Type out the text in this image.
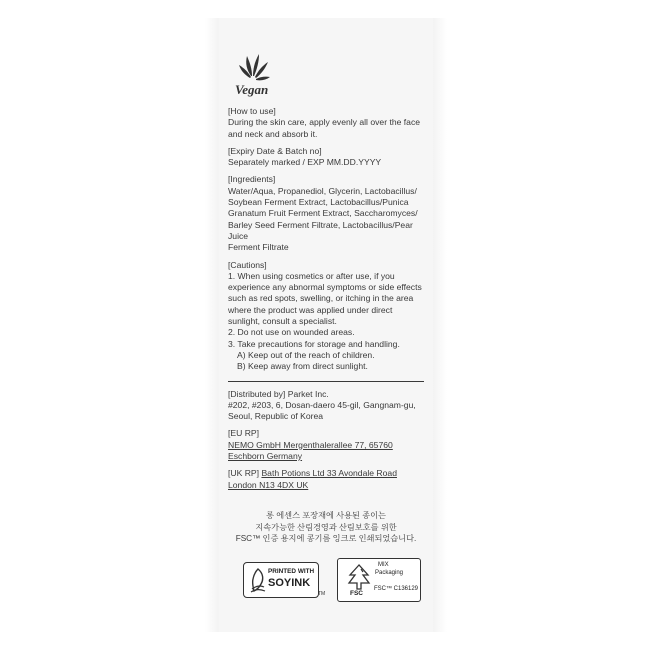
Vegan

[How to use]

During the skin care, apply evenly all over the face

and neck and absorb it.

[Expiry Date & Batch no]

Separately marked / EXP MM.DD.YYYY

[Ingredients]

Water/Aqua, Propanediol, Glycerin, Lactobacillus/

Soybean Ferment Extract, Lactobacillus/Punica

Granatum Fruit Ferment Extract, Saccharomyces/

Barley Seed Ferment Filtrate, Lactobacillus/Pear Juice

Ferment Filtrate

[Cautions]

1. When using cosmetics or after use, if you

experience any abnormal symptoms or side effects

such as red spots, swelling, or itching in the area

where the product was applied under direct

sunlight, consult a specialist.

2. Do not use on wounded areas.

3. Take precautions for storage and handling.

A) Keep out of the reach of children.

B) Keep away from direct sunlight.

[Distributed by] Parket Inc.

#202, #203, 6, Dosan-daero 45-gil, Gangnam-gu,

Seoul, Republic of Korea

[EU RP]

NEMO GmbH Mergenthalerallee 77, 65760

Eschborn Germany

[UK RP] Bath Potions Ltd 33 Avondale Road

London N13 4DX UK

롱 에센스 포장재에 사용된 종이는
지속가능한 산림경영과 산림보호를 위한
FSC™ 인증 용지에 콩기름 잉크로 인쇄되었습니다.
PRINTED WITH
SOYINK
TM	FSC
MIX
Packaging
FSC™ C136129
